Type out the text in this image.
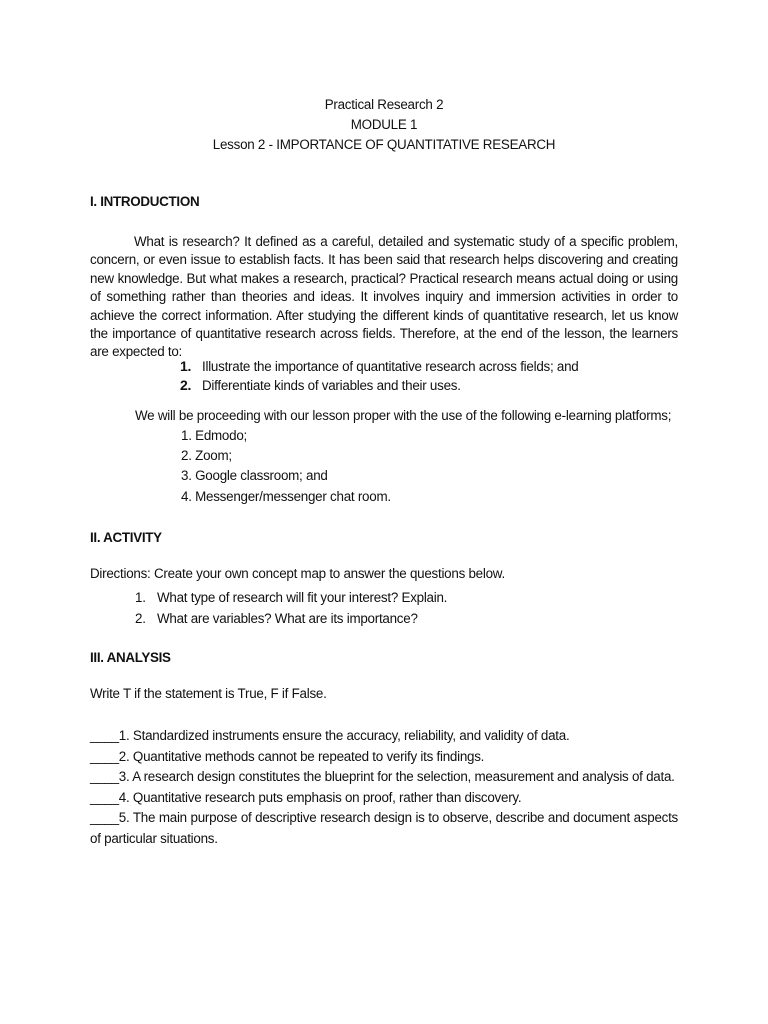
Practical Research 2
MODULE 1
Lesson 2 - IMPORTANCE OF QUANTITATIVE RESEARCH
I. INTRODUCTION
What is research? It defined as a careful, detailed and systematic study of a specific problem, concern, or even issue to establish facts. It has been said that research helps discovering and creating new knowledge. But what makes a research, practical? Practical research means actual doing or using of something rather than theories and ideas. It involves inquiry and immersion activities in order to achieve the correct information. After studying the different kinds of quantitative research, let us know the importance of quantitative research across fields. Therefore, at the end of the lesson, the learners are expected to:
1. Illustrate the importance of quantitative research across fields; and
2. Differentiate kinds of variables and their uses.
We will be proceeding with our lesson proper with the use of the following e-learning platforms;
1. Edmodo;
2. Zoom;
3. Google classroom; and
4. Messenger/messenger chat room.
II. ACTIVITY
Directions: Create your own concept map to answer the questions below.
1. What type of research will fit your interest? Explain.
2. What are variables? What are its importance?
III. ANALYSIS
Write T if the statement is True, F if False.
____1. Standardized instruments ensure the accuracy, reliability, and validity of data.
____2. Quantitative methods cannot be repeated to verify its findings.
____3. A research design constitutes the blueprint for the selection, measurement and analysis of data.
____4. Quantitative research puts emphasis on proof, rather than discovery.
____5. The main purpose of descriptive research design is to observe, describe and document aspects of particular situations.
